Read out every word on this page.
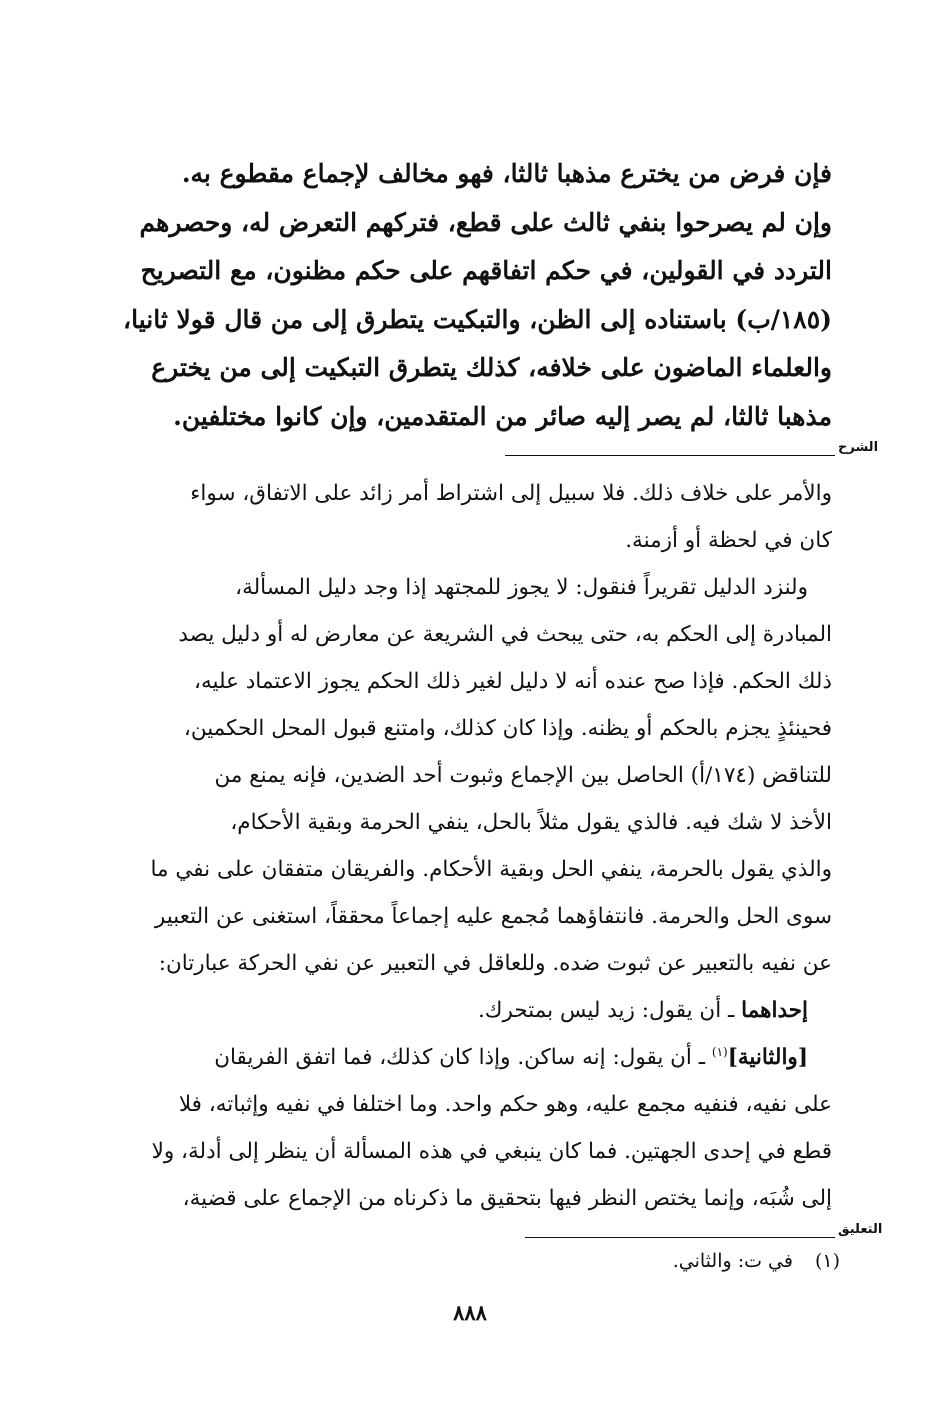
فإن فرض من يخترع مذهبا ثالثا، فهو مخالف لإجماع مقطوع به.
وإن لم يصرحوا بنفي ثالث على قطع، فتركهم التعرض له، وحصرهم
التردد في القولين، في حكم اتفاقهم على حكم مظنون، مع التصريح
(١٨٥/ب) باستناده إلى الظن، والتبكيت يتطرق إلى من قال قولا ثانيا،
والعلماء الماضون على خلافه، كذلك يتطرق التبكيت إلى من يخترع
مذهبا ثالثا، لم يصر إليه صائر من المتقدمين، وإن كانوا مختلفين.
الشرح
والأمر على خلاف ذلك. فلا سبيل إلى اشتراط أمر زائد على الاتفاق، سواء
كان في لحظة أو أزمنة.
ولنزد الدليل تقريراً فنقول: لا يجوز للمجتهد إذا وجد دليل المسألة،
المبادرة إلى الحكم به، حتى يبحث في الشريعة عن معارض له أو دليل يصد
ذلك الحكم. فإذا صح عنده أنه لا دليل لغير ذلك الحكم يجوز الاعتماد عليه،
فحينئذٍ يجزم بالحكم أو يظنه. وإذا كان كذلك، وامتنع قبول المحل الحكمين،
للتناقض (١٧٤/أ) الحاصل بين الإجماع وثبوت أحد الضدين، فإنه يمنع من
الأخذ لا شك فيه. فالذي يقول مثلاً بالحل، ينفي الحرمة وبقية الأحكام،
والذي يقول بالحرمة، ينفي الحل وبقية الأحكام. والفريقان متفقان على نفي ما
سوى الحل والحرمة. فانتفاؤهما مُجمع عليه إجماعاً محققاً، استغنى عن التعبير
عن نفيه بالتعبير عن ثبوت ضده. وللعاقل في التعبير عن نفي الحركة عبارتان:
إحداهما ـ أن يقول: زيد ليس بمتحرك.
[والثانية]$^{(١)}$ ـ أن يقول: إنه ساكن. وإذا كان كذلك، فما اتفق الفريقان
على نفيه، فنفيه مجمع عليه، وهو حكم واحد. وما اختلفا في نفيه وإثباته، فلا
قطع في إحدى الجهتين. فما كان ينبغي في هذه المسألة أن ينظر إلى أدلة، ولا
إلى شُبَه، وإنما يختص النظر فيها بتحقيق ما ذكرناه من الإجماع على قضية،
التعليق
(١)في ت: والثاني.
٨٨٨
